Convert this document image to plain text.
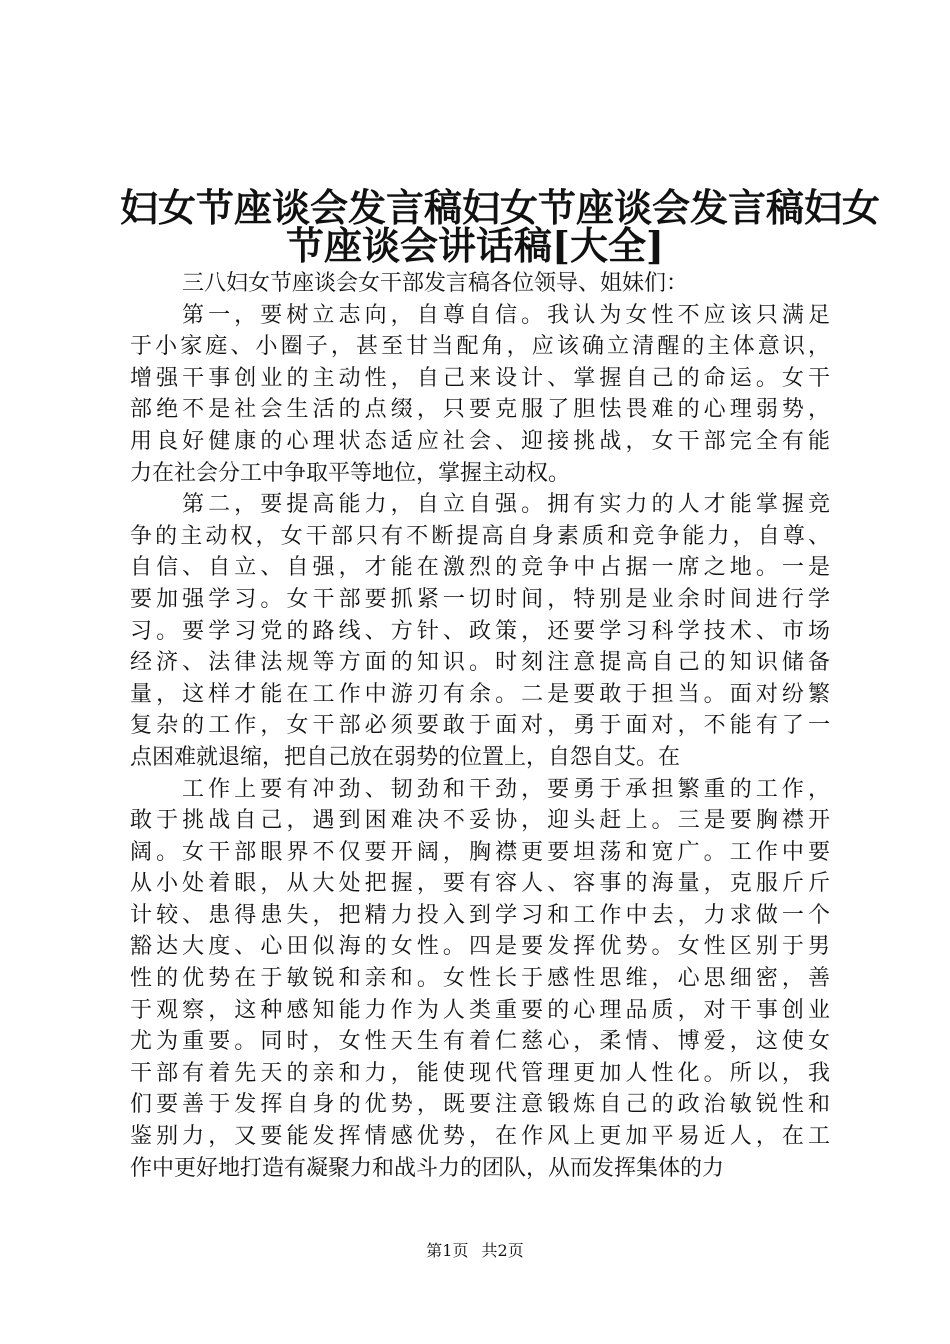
妇女节座谈会发言稿妇女节座谈会发言稿妇女
节座谈会讲话稿[大全]
三八妇女节座谈会女干部发言稿各位领导、姐妹们：
第一，要树立志向，自尊自信。我认为女性不应该只满足
于小家庭、小圈子，甚至甘当配角，应该确立清醒的主体意识，
增强干事创业的主动性，自己来设计、掌握自己的命运。女干
部绝不是社会生活的点缀，只要克服了胆怯畏难的心理弱势，
用良好健康的心理状态适应社会、迎接挑战，女干部完全有能
力在社会分工中争取平等地位，掌握主动权。
第二，要提高能力，自立自强。拥有实力的人才能掌握竞
争的主动权，女干部只有不断提高自身素质和竞争能力，自尊、
自信、自立、自强，才能在激烈的竞争中占据一席之地。一是
要加强学习。女干部要抓紧一切时间，特别是业余时间进行学
习。要学习党的路线、方针、政策，还要学习科学技术、市场
经济、法律法规等方面的知识。时刻注意提高自己的知识储备
量，这样才能在工作中游刃有余。二是要敢于担当。面对纷繁
复杂的工作，女干部必须要敢于面对，勇于面对，不能有了一
点困难就退缩，把自己放在弱势的位置上，自怨自艾。在
工作上要有冲劲、韧劲和干劲，要勇于承担繁重的工作，
敢于挑战自己，遇到困难决不妥协，迎头赶上。三是要胸襟开
阔。女干部眼界不仅要开阔，胸襟更要坦荡和宽广。工作中要
从小处着眼，从大处把握，要有容人、容事的海量，克服斤斤
计较、患得患失，把精力投入到学习和工作中去，力求做一个
豁达大度、心田似海的女性。四是要发挥优势。女性区别于男
性的优势在于敏锐和亲和。女性长于感性思维，心思细密，善
于观察，这种感知能力作为人类重要的心理品质，对干事创业
尤为重要。同时，女性天生有着仁慈心，柔情、博爱，这使女
干部有着先天的亲和力，能使现代管理更加人性化。所以，我
们要善于发挥自身的优势，既要注意锻炼自己的政治敏锐性和
鉴别力，又要能发挥情感优势，在作风上更加平易近人，在工
作中更好地打造有凝聚力和战斗力的团队，从而发挥集体的力
第1页 共2页
